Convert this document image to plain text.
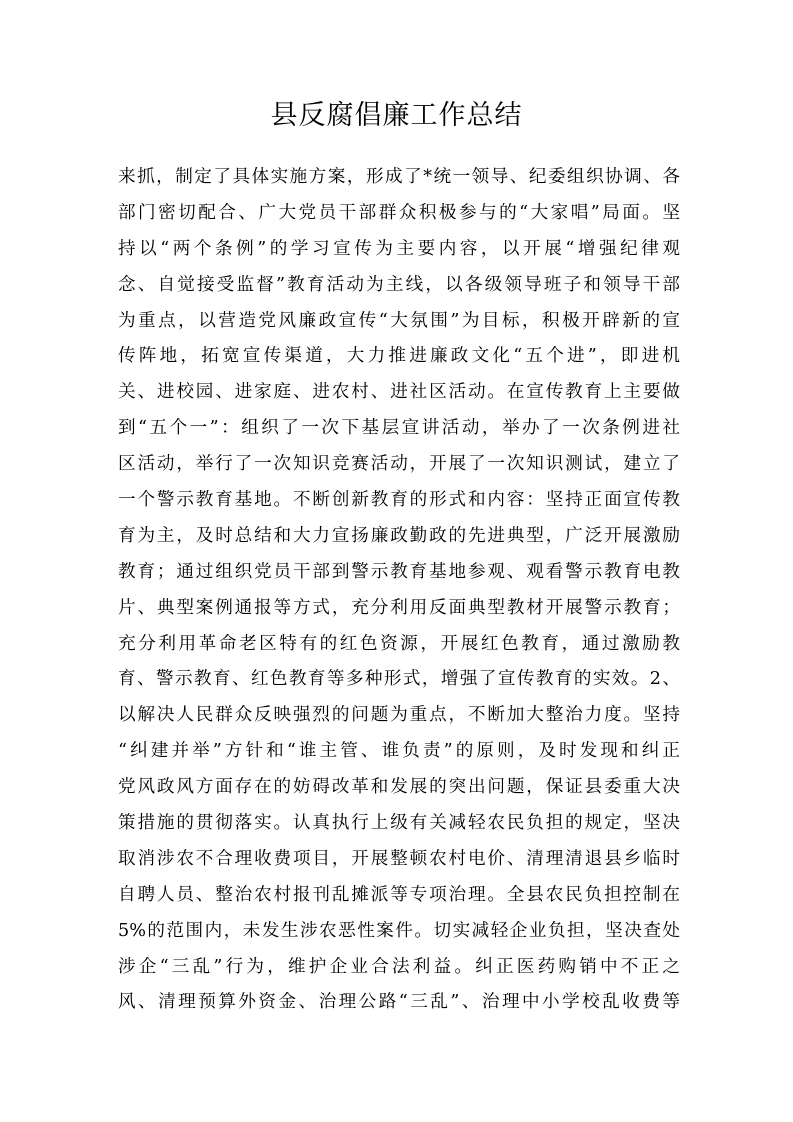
县反腐倡廉工作总结
来抓，制定了具体实施方案，形成了*统一领导、纪委组织协调、各
部门密切配合、广大党员干部群众积极参与的“大家唱”局面。坚
持以“两个条例”的学习宣传为主要内容，以开展“增强纪律观
念、自觉接受监督”教育活动为主线，以各级领导班子和领导干部
为重点，以营造党风廉政宣传“大氛围”为目标，积极开辟新的宣
传阵地，拓宽宣传渠道，大力推进廉政文化“五个进”，即进机
关、进校园、进家庭、进农村、进社区活动。在宣传教育上主要做
到“五个一”：组织了一次下基层宣讲活动，举办了一次条例进社
区活动，举行了一次知识竞赛活动，开展了一次知识测试，建立了
一个警示教育基地。不断创新教育的形式和内容：坚持正面宣传教
育为主，及时总结和大力宣扬廉政勤政的先进典型，广泛开展激励
教育；通过组织党员干部到警示教育基地参观、观看警示教育电教
片、典型案例通报等方式，充分利用反面典型教材开展警示教育；
充分利用革命老区特有的红色资源，开展红色教育，通过激励教
育、警示教育、红色教育等多种形式，增强了宣传教育的实效。2、
以解决人民群众反映强烈的问题为重点，不断加大整治力度。坚持
“纠建并举”方针和“谁主管、谁负责”的原则，及时发现和纠正
党风政风方面存在的妨碍改革和发展的突出问题，保证县委重大决
策措施的贯彻落实。认真执行上级有关减轻农民负担的规定，坚决
取消涉农不合理收费项目，开展整顿农村电价、清理清退县乡临时
自聘人员、整治农村报刊乱摊派等专项治理。全县农民负担控制在
5%的范围内，未发生涉农恶性案件。切实减轻企业负担，坚决查处
涉企“三乱”行为，维护企业合法利益。纠正医药购销中不正之
风、清理预算外资金、治理公路“三乱”、治理中小学校乱收费等
